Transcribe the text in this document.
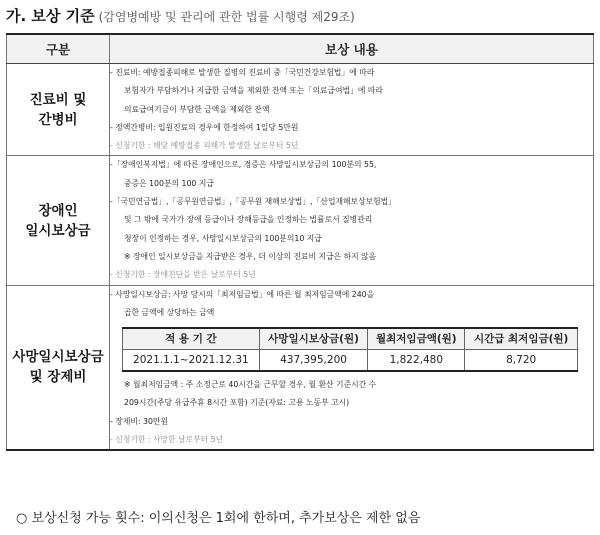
가. 보상 기준 (감염병예방 및 관리에 관한 법률 시행령 제29조)
구분	보상 내용

진료비 및
간병비

- 진료비: 예방접종피해로 발생한 질병의 진료비 중「국민건강보험법」에 따라
보험자가 부담하거나 지급한 금액을 제외한 잔액 또는「의료급여법」에 따라
의료급여기금이 부담한 금액을 제외한 잔액
- 정액간병비: 입원진료의 경우에 한정하여 1일당 5만원
- 신청기한 : 해당 예방접종 피해가 발생한 날로부터 5년

장애인
일시보상금

-「장애인복지법」에 따른 장애인으로, 경증은 사망일시보상금의 100분의 55,
중증은 100분의 100 지급
-「국민연금법」,「공무원연금법」,「공무원 재해보상법」,「산업재해보상보험법」
및 그 밖에 국가가 장애 등급이나 장해등급을 인정하는 법률로서 질병관리
청장이 인정하는 경우, 사망일시보상금의 100분의10 지급
※ 장애인 일시보상금을 지급받은 경우, 더 이상의 진료비 지급은 하지 않음
- 신청기한 : 장애진단을 받은 날로부터 5년

사망일시보상금
및 장제비

- 사망일시보상금: 사망 당시의「최저임금법」에 따른 월 최저임금액에 240을
곱한 금액에 상당하는 금액
적 용 기 간	사망일시보상금(원)	월최저임금액(원)	시간급 최저임금(원)
2021.1.1~2021.12.31	437,395,200	1,822,480	8,720
※ 월최저임금액 : 주 소정근로 40시간을 근무할 경우, 월 환산 기준시간 수
209시간(주당 유급주휴 8시간 포함) 기준(자료: 고용 노동부 고시)
- 장제비: 30만원
- 신청기한 : 사망한 날로부터 5년
○ 보상신청 가능 횟수: 이의신청은 1회에 한하며, 추가보상은 제한 없음
